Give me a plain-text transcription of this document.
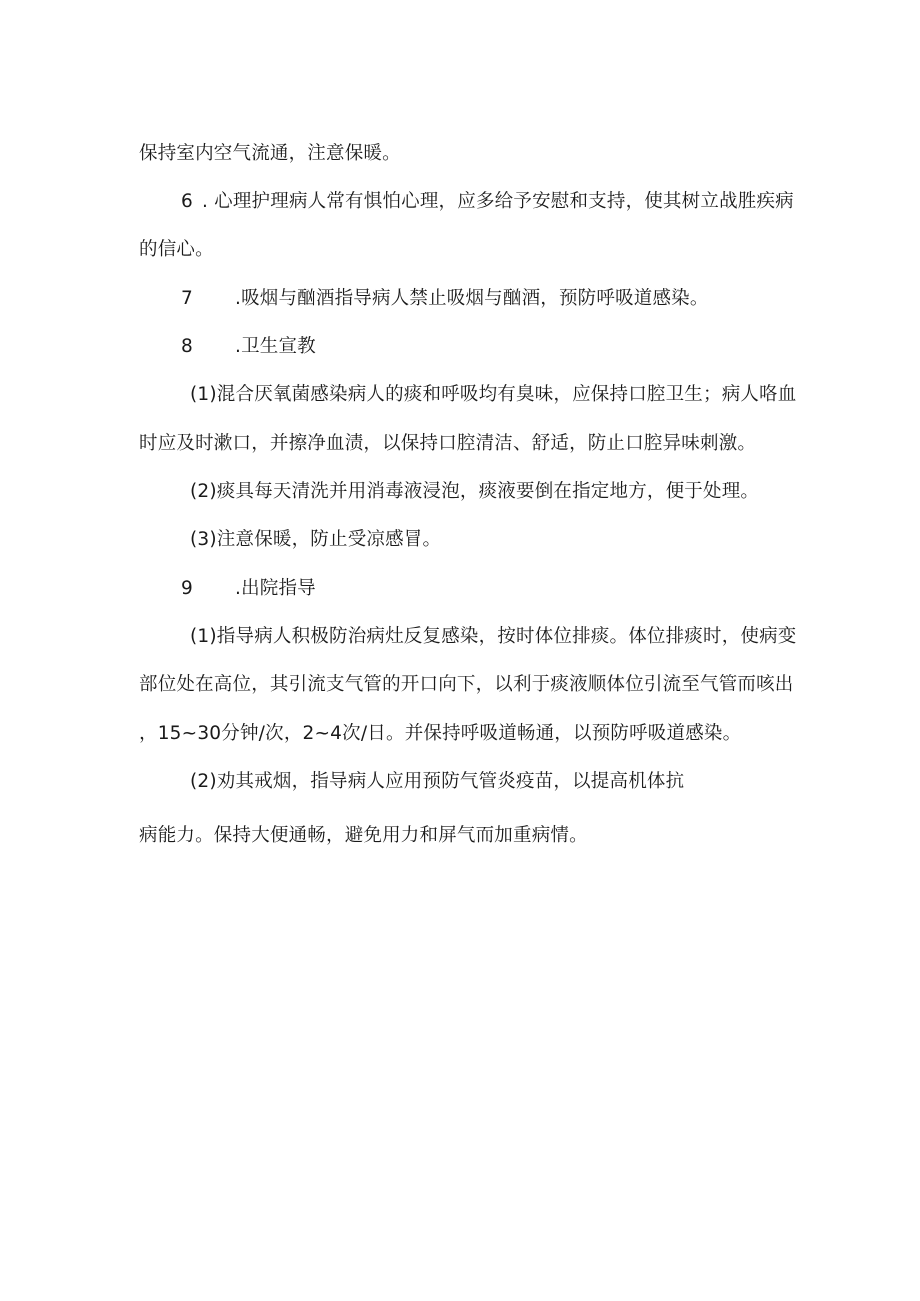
保持室内空气流通，注意保暖。
6 . 心理护理病人常有惧怕心理，应多给予安慰和支持，使其树立战胜疾病
的信心。
7 .吸烟与酗酒指导病人禁止吸烟与酗酒，预防呼吸道感染。
8 .卫生宣教
(1)混合厌氧菌感染病人的痰和呼吸均有臭味，应保持口腔卫生；病人咯血
时应及时漱口，并擦净血渍，以保持口腔清洁、舒适，防止口腔异味刺激。
(2)痰具每天清洗并用消毒液浸泡，痰液要倒在指定地方，便于处理。
(3)注意保暖，防止受凉感冒。
9 .出院指导
(1)指导病人积极防治病灶反复感染，按时体位排痰。体位排痰时，使病变
部位处在高位，其引流支气管的开口向下，以利于痰液顺体位引流至气管而咳出
，15~30分钟/次，2~4次/日。并保持呼吸道畅通，以预防呼吸道感染。
(2)劝其戒烟，指导病人应用预防气管炎疫苗，以提高机体抗
病能力。保持大便通畅，避免用力和屏气而加重病情。
